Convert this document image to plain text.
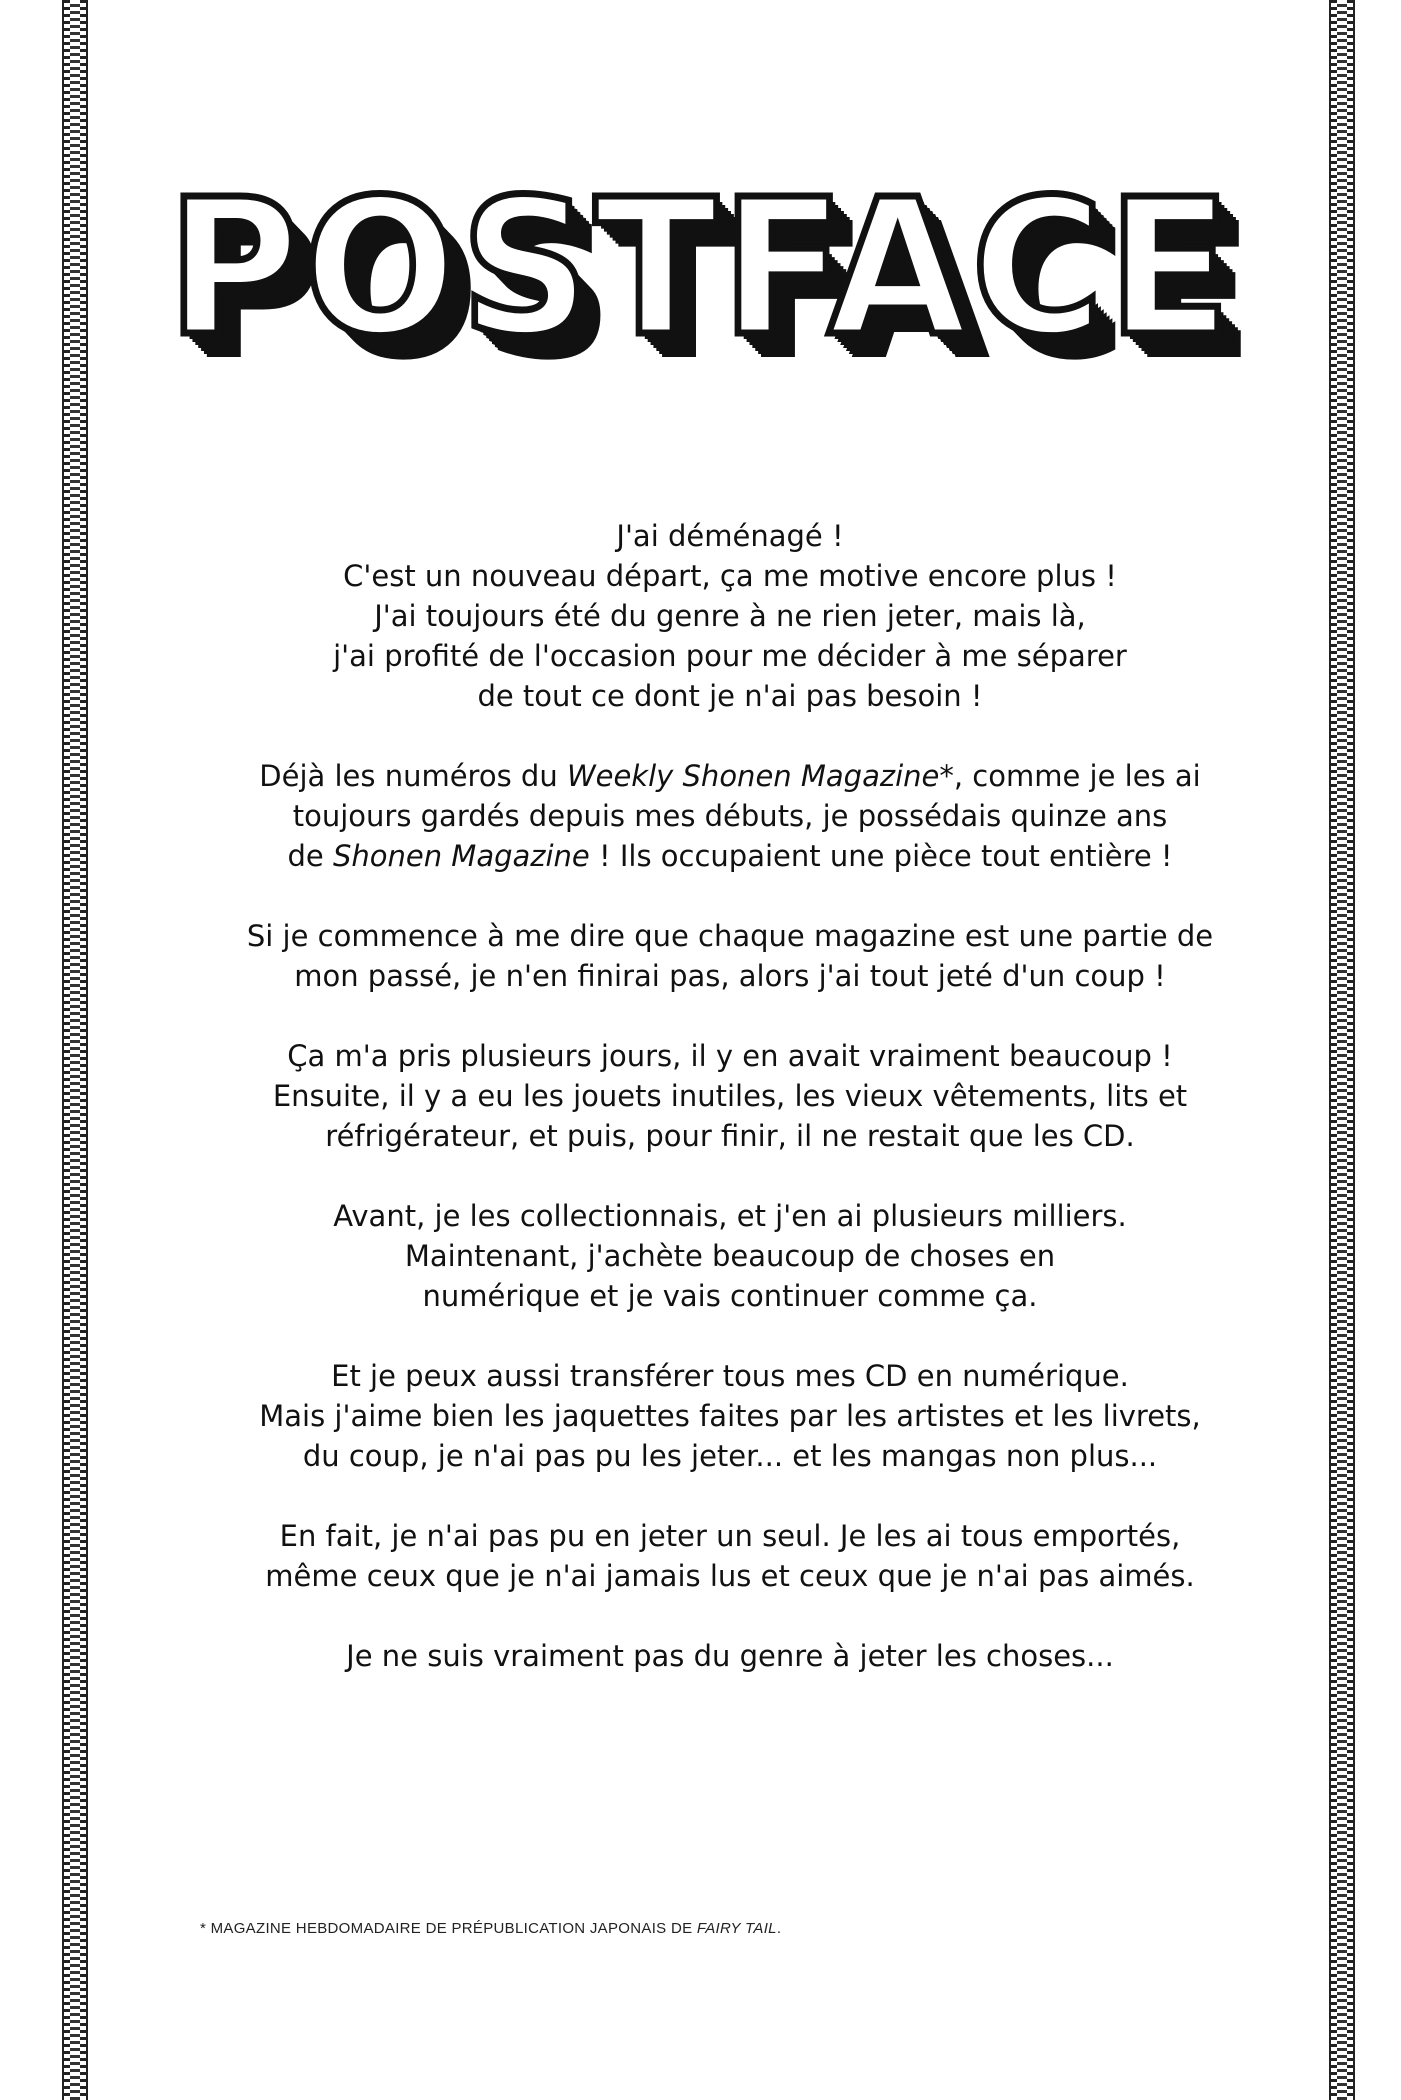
POSTFACE

J'ai déménagé !
C'est un nouveau départ, ça me motive encore plus !
J'ai toujours été du genre à ne rien jeter, mais là,
j'ai profité de l'occasion pour me décider à me séparer
de tout ce dont je n'ai pas besoin !

Déjà les numéros du Weekly Shonen Magazine*, comme je les ai
toujours gardés depuis mes débuts, je possédais quinze ans
de Shonen Magazine ! Ils occupaient une pièce tout entière !

Si je commence à me dire que chaque magazine est une partie de
mon passé, je n'en finirai pas, alors j'ai tout jeté d'un coup !

Ça m'a pris plusieurs jours, il y en avait vraiment beaucoup !
Ensuite, il y a eu les jouets inutiles, les vieux vêtements, lits et
réfrigérateur, et puis, pour finir, il ne restait que les CD.

Avant, je les collectionnais, et j'en ai plusieurs milliers.
Maintenant, j'achète beaucoup de choses en
numérique et je vais continuer comme ça.

Et je peux aussi transférer tous mes CD en numérique.
Mais j'aime bien les jaquettes faites par les artistes et les livrets,
du coup, je n'ai pas pu les jeter... et les mangas non plus...

En fait, je n'ai pas pu en jeter un seul. Je les ai tous emportés,
même ceux que je n'ai jamais lus et ceux que je n'ai pas aimés.

Je ne suis vraiment pas du genre à jeter les choses...

* MAGAZINE HEBDOMADAIRE DE PRÉPUBLICATION JAPONAIS DE FAIRY TAIL.
